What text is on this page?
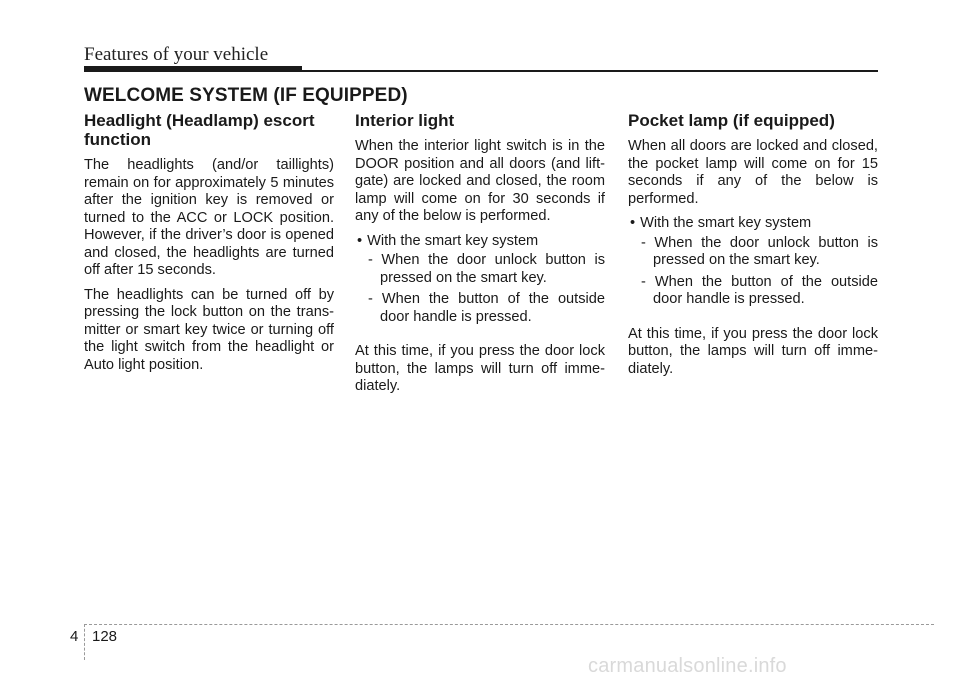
Features of your vehicle
WELCOME SYSTEM (IF EQUIPPED)
Headlight (Headlamp) escort function

The headlights (and/or taillights) remain on for approximately 5 minutes after the ignition key is removed or turned to the ACC or LOCK position. However, if the driver’s door is opened and closed, the headlights are turned off after 15 seconds.

The headlights can be turned off by pressing the lock button on the transmitter or smart key twice or turning off the light switch from the headlight or Auto light position.

Interior light

When the interior light switch is in the DOOR position and all doors (and liftgate) are locked and closed, the room lamp will come on for 30 seconds if any of the below is performed.

• With the smart key system
- When the door unlock button is pressed on the smart key.
- When the button of the outside door handle is pressed.

At this time, if you press the door lock button, the lamps will turn off immediately.

Pocket lamp (if equipped)

When all doors are locked and closed, the pocket lamp will come on for 15 seconds if any of the below is performed.

• With the smart key system
- When the door unlock button is pressed on the smart key.
- When the button of the outside door handle is pressed.

At this time, if you press the door lock button, the lamps will turn off immediately.

4 128
carmanualsonline.info
